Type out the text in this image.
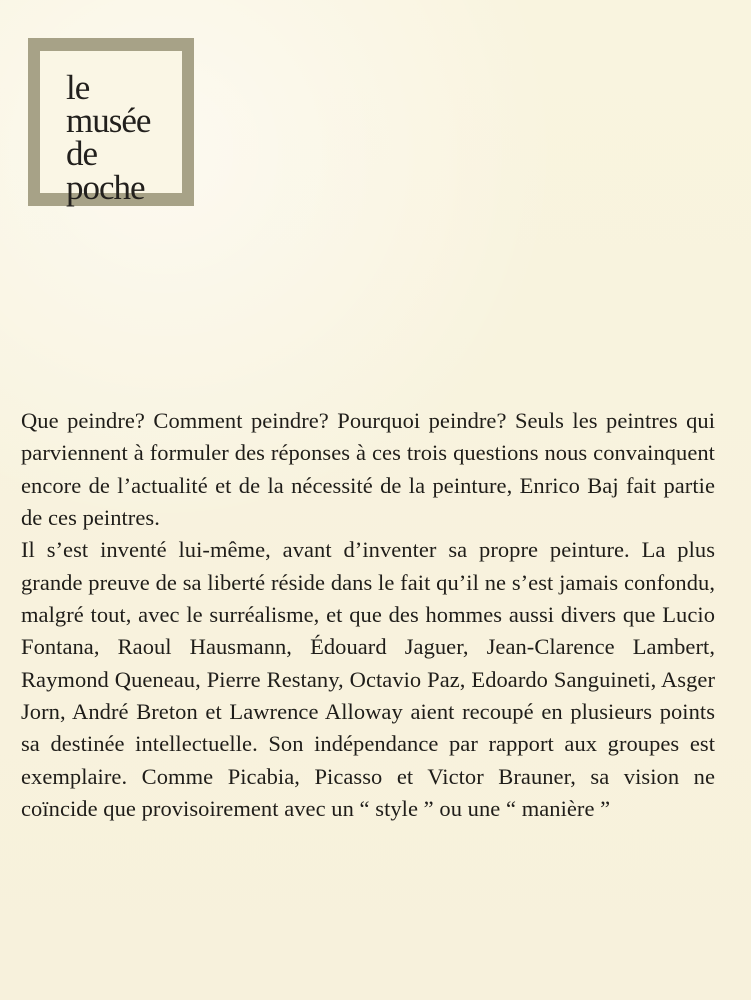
le
musée
de
poche

Que peindre? Comment peindre? Pourquoi peindre? Seuls les peintres qui parviennent à formuler des réponses à ces trois questions nous convainquent encore de l’actualité et de la nécessité de la peinture, Enrico Baj fait partie de ces peintres.

Il s’est inventé lui-même, avant d’inventer sa propre peinture. La plus grande preuve de sa liberté réside dans le fait qu’il ne s’est jamais confondu, malgré tout, avec le surréalisme, et que des hommes aussi divers que Lucio Fontana, Raoul Hausmann, Édouard Jaguer, Jean-Clarence Lambert, Raymond Queneau, Pierre Restany, Octavio Paz, Edoardo Sanguineti, Asger Jorn, André Breton et Lawrence Alloway aient recoupé en plusieurs points sa destinée intellectuelle. Son indépendance par rapport aux groupes est exemplaire. Comme Picabia, Picasso et Victor Brauner, sa vision ne coïncide que provisoirement avec un “ style ” ou une “ manière ”
